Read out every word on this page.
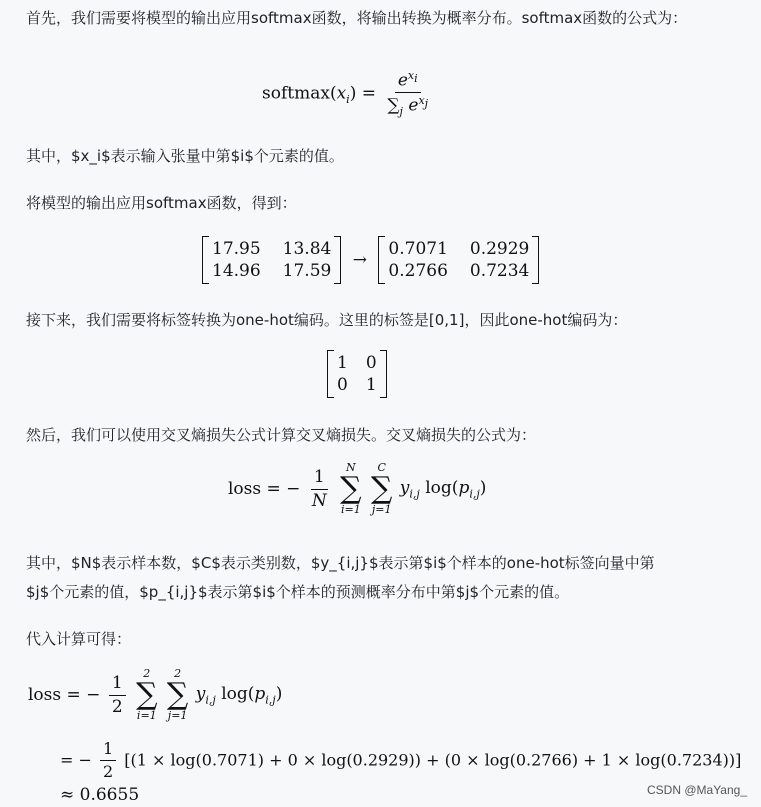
首先，我们需要将模型的输出应用softmax函数，将输出转换为概率分布。softmax函数的公式为：

$softmax(x_i) = \frac{e^{x_i}}{\sum_j e^{x_j}}$

其中，$x_i$表示输入张量中第$i$个元素的值。

将模型的输出应用softmax函数，得到：

17.95 13.84
14.96 17.59
→
0.7071 0.2929
0.2766 0.7234

接下来，我们需要将标签转换为one-hot编码。这里的标签是[0,1]，因此one-hot编码为：

1 0
0 1

然后，我们可以使用交叉熵损失公式计算交叉熵损失。交叉熵损失的公式为：

loss = − $\frac{1}{N}$

N
∑
i=1

C
∑
j=1
$y_{i,j}$ $\log(p_{i,j})$

其中，$N$表示样本数，$C$表示类别数，$y_{i,j}$表示第$i$个样本的one-hot标签向量中第

$j$个元素的值，$p_{i,j}$表示第$i$个样本的预测概率分布中第$j$个元素的值。

代入计算可得：

loss = − $\frac{1}{2}$

2
∑
i=1

2
∑
j=1
$y_{i,j}$ $\log(p_{i,j})$
= − $\frac{1}{2} [(1 \times \log(0.7071) + 0 \times \log(0.2929)) + (0 \times \log(0.2766) + 1 \times \log(0.7234))]$
≈ 0.6655	CSDN @MaYang_
